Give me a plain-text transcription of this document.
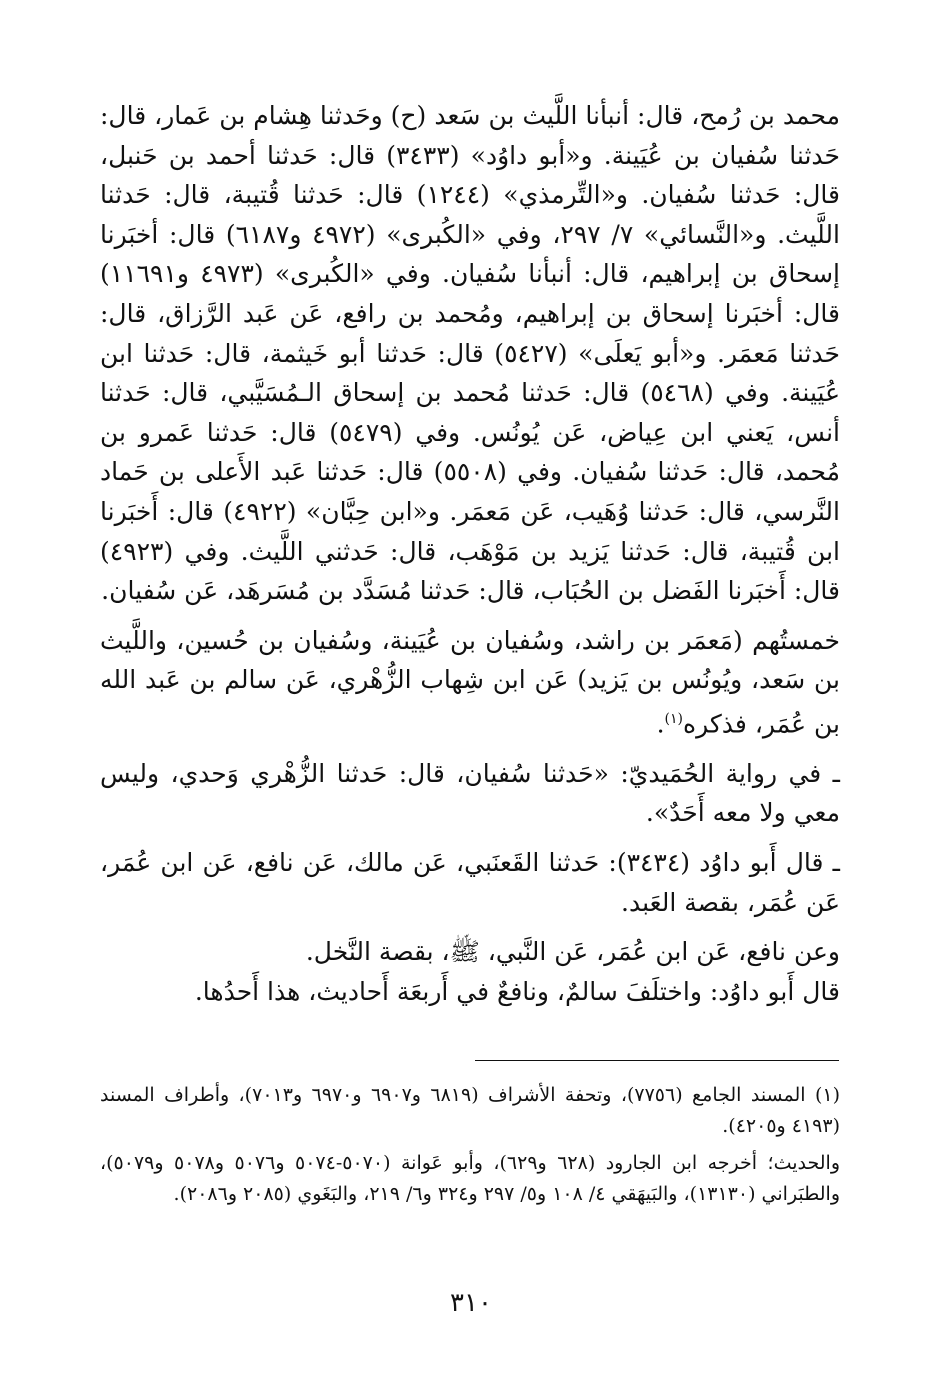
محمد بن رُمح، قال: أنبأنا اللَّيث بن سَعد (ح) وحَدثنا هِشام بن عَمار، قال: حَدثنا سُفيان بن عُيَينة. و«أبو داوُد» (٣٤٣٣) قال: حَدثنا أحمد بن حَنبل، قال: حَدثنا سُفيان. و«التِّرمذي» (١٢٤٤) قال: حَدثنا قُتيبة، قال: حَدثنا اللَّيث. و«النَّسائي» ٧/ ٢٩٧، وفي «الكُبرى» (٤٩٧٢ و٦١٨٧) قال: أخبَرنا إسحاق بن إبراهيم، قال: أنبأنا سُفيان. وفي «الكُبرى» (٤٩٧٣ و١١٦٩١) قال: أخبَرنا إسحاق بن إبراهيم، ومُحمد بن رافع، عَن عَبد الرَّزاق، قال: حَدثنا مَعمَر. و«أبو يَعلَى» (٥٤٢٧) قال: حَدثنا أبو خَيثمة، قال: حَدثنا ابن عُيَينة. وفي (٥٤٦٨) قال: حَدثنا مُحمد بن إسحاق الـمُسَيَّبي، قال: حَدثنا أنس، يَعني ابن عِياض، عَن يُونُس. وفي (٥٤٧٩) قال: حَدثنا عَمرو بن مُحمد، قال: حَدثنا سُفيان. وفي (٥٥٠٨) قال: حَدثنا عَبد الأَعلى بن حَماد النَّرسي، قال: حَدثنا وُهَيب، عَن مَعمَر. و«ابن حِبَّان» (٤٩٢٢) قال: أَخبَرنا ابن قُتيبة، قال: حَدثنا يَزيد بن مَوْهَب، قال: حَدثني اللَّيث. وفي (٤٩٢٣) قال: أَخبَرنا الفَضل بن الحُبَاب، قال: حَدثنا مُسَدَّد بن مُسَرهَد، عَن سُفيان.

خمستُهم (مَعمَر بن راشد، وسُفيان بن عُيَينة، وسُفيان بن حُسين، واللَّيث بن سَعد، ويُونُس بن يَزيد) عَن ابن شِهاب الزُّهْري، عَن سالم بن عَبد الله بن عُمَر، فذكره$^{(١)}$.

ـ في رواية الحُمَيديّ: «حَدثنا سُفيان، قال: حَدثنا الزُّهْري وَحدي، وليس معي ولا معه أَحَدٌ».

ـ قال أَبو داوُد (٣٤٣٤): حَدثنا القَعنَبي، عَن مالك، عَن نافع، عَن ابن عُمَر، عَن عُمَر، بقصة العَبد.

وعن نافع، عَن ابن عُمَر، عَن النَّبي، ﷺ، بقصة النَّخل.

قال أَبو داوُد: واختلَفَ سالمٌ، ونافعٌ في أَربعَة أَحاديث، هذا أَحدُها.

(١) المسند الجامع (٧٧٥٦)، وتحفة الأشراف (٦٨١٩ و٦٩٠٧ و٦٩٧٠ و٧٠١٣)، وأطراف المسند (٤١٩٣ و٤٢٠٥).

والحديث؛ أخرجه ابن الجارود (٦٢٨ و٦٢٩)، وأبو عَوانة (٥٠٧٠-٥٠٧٤ و٥٠٧٦ و٥٠٧٨ و٥٠٧٩)، والطبَراني (١٣١٣٠)، والبَيهَقي ٤/ ١٠٨ و٥/ ٢٩٧ و٣٢٤ و٦/ ٢١٩، والبَغَوي (٢٠٨٥ و٢٠٨٦).

٣١٠
